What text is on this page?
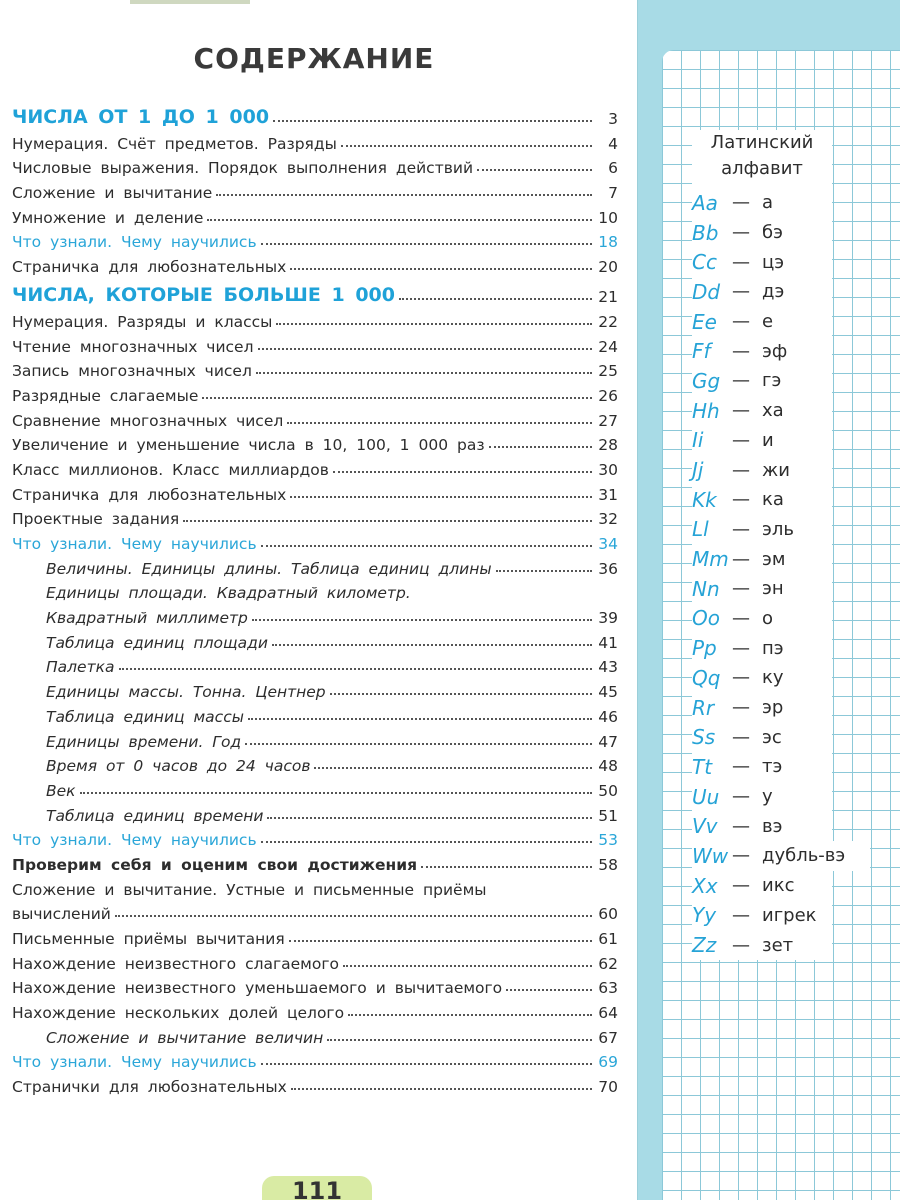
СОДЕРЖАНИЕ
ЧИСЛА ОТ 1 ДО 1 000	3
Нумерация. Счёт предметов. Разряды	4
Числовые выражения. Порядок выполнения действий	6
Сложение и вычитание	7
Умножение и деление	10
Что узнали. Чему научились	18
Страничка для любознательных	20
ЧИСЛА, КОТОРЫЕ БОЛЬШЕ 1 000	21
Нумерация. Разряды и классы	22
Чтение многозначных чисел	24
Запись многозначных чисел	25
Разрядные слагаемые	26
Сравнение многозначных чисел	27
Увеличение и уменьшение числа в 10, 100, 1 000 раз	28
Класс миллионов. Класс миллиардов	30
Страничка для любознательных	31
Проектные задания	32
Что узнали. Чему научились	34
Величины. Единицы длины. Таблица единиц длины	36
Единицы площади. Квадратный километр.
Квадратный миллиметр	39
Таблица единиц площади	41
Палетка	43
Единицы массы. Тонна. Центнер	45
Таблица единиц массы	46
Единицы времени. Год	47
Время от 0 часов до 24 часов	48
Век	50
Таблица единиц времени	51
Что узнали. Чему научились	53
Проверим себя и оценим свои достижения	58
Сложение и вычитание. Устные и письменные приёмы
вычислений	60
Письменные приёмы вычитания	61
Нахождение неизвестного слагаемого	62
Нахождение неизвестного уменьшаемого и вычитаемого	63
Нахождение нескольких долей целого	64
Сложение и вычитание величин	67
Что узнали. Чему научились	69
Странички для любознательных	70
111
Латинский
алфавит
Aa — а
Bb — бэ
Cc — цэ
Dd — дэ
Ee — е
Ff	— эф
Gg — гэ
Hh — ха
Ii	— и
Jj	— жи
Kk — ка
Ll	— эль
Mm — эм
Nn — эн
Oo — о
Pp — пэ
Qq — ку
Rr — эр
Ss — эс
Tt	— тэ
Uu — у
Vv — вэ
Ww — дубль-вэ
Xx — икс
Yy — игрек
Zz — зет
